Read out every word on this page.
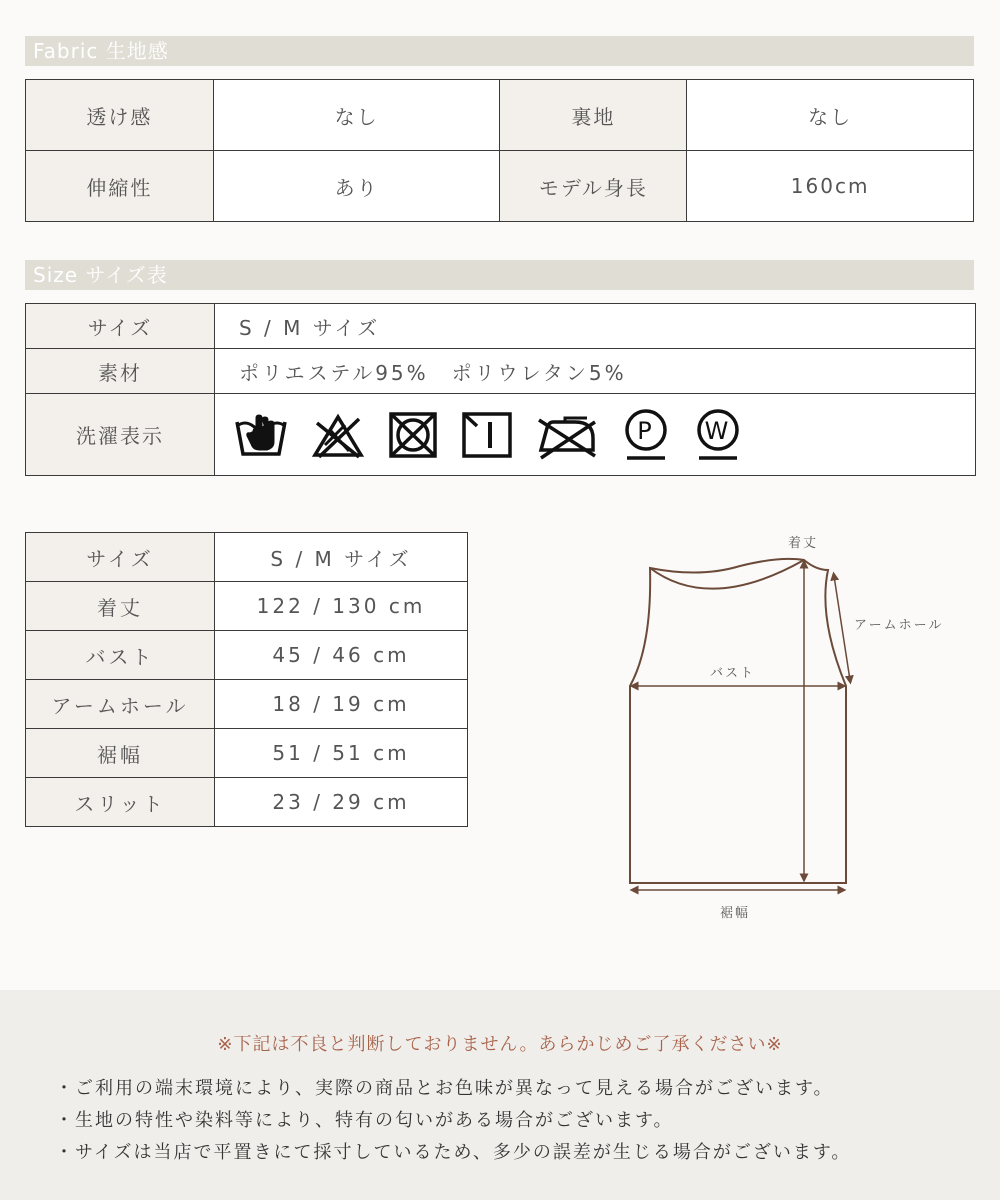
Fabric 生地感
透け感	なし	裏地	なし
伸縮性	あり	モデル身長	160cm
Size サイズ表
サイズ	S / M サイズ
素材	ポリエステル95%　ポリウレタン5%
洗濯表示	P W
サイズ	S / M サイズ
着丈	122 / 130 cm
バスト	45 / 46 cm
アームホール	18 / 19 cm
裾幅	51 / 51 cm
スリット	23 / 29 cm
着丈
アームホール
バスト
裾幅
※下記は不良と判断しておりません。あらかじめご了承ください※
・ご利用の端末環境により、実際の商品とお色味が異なって見える場合がございます。
・生地の特性や染料等により、特有の匂いがある場合がございます。
・サイズは当店で平置きにて採寸しているため、多少の誤差が生じる場合がございます。
